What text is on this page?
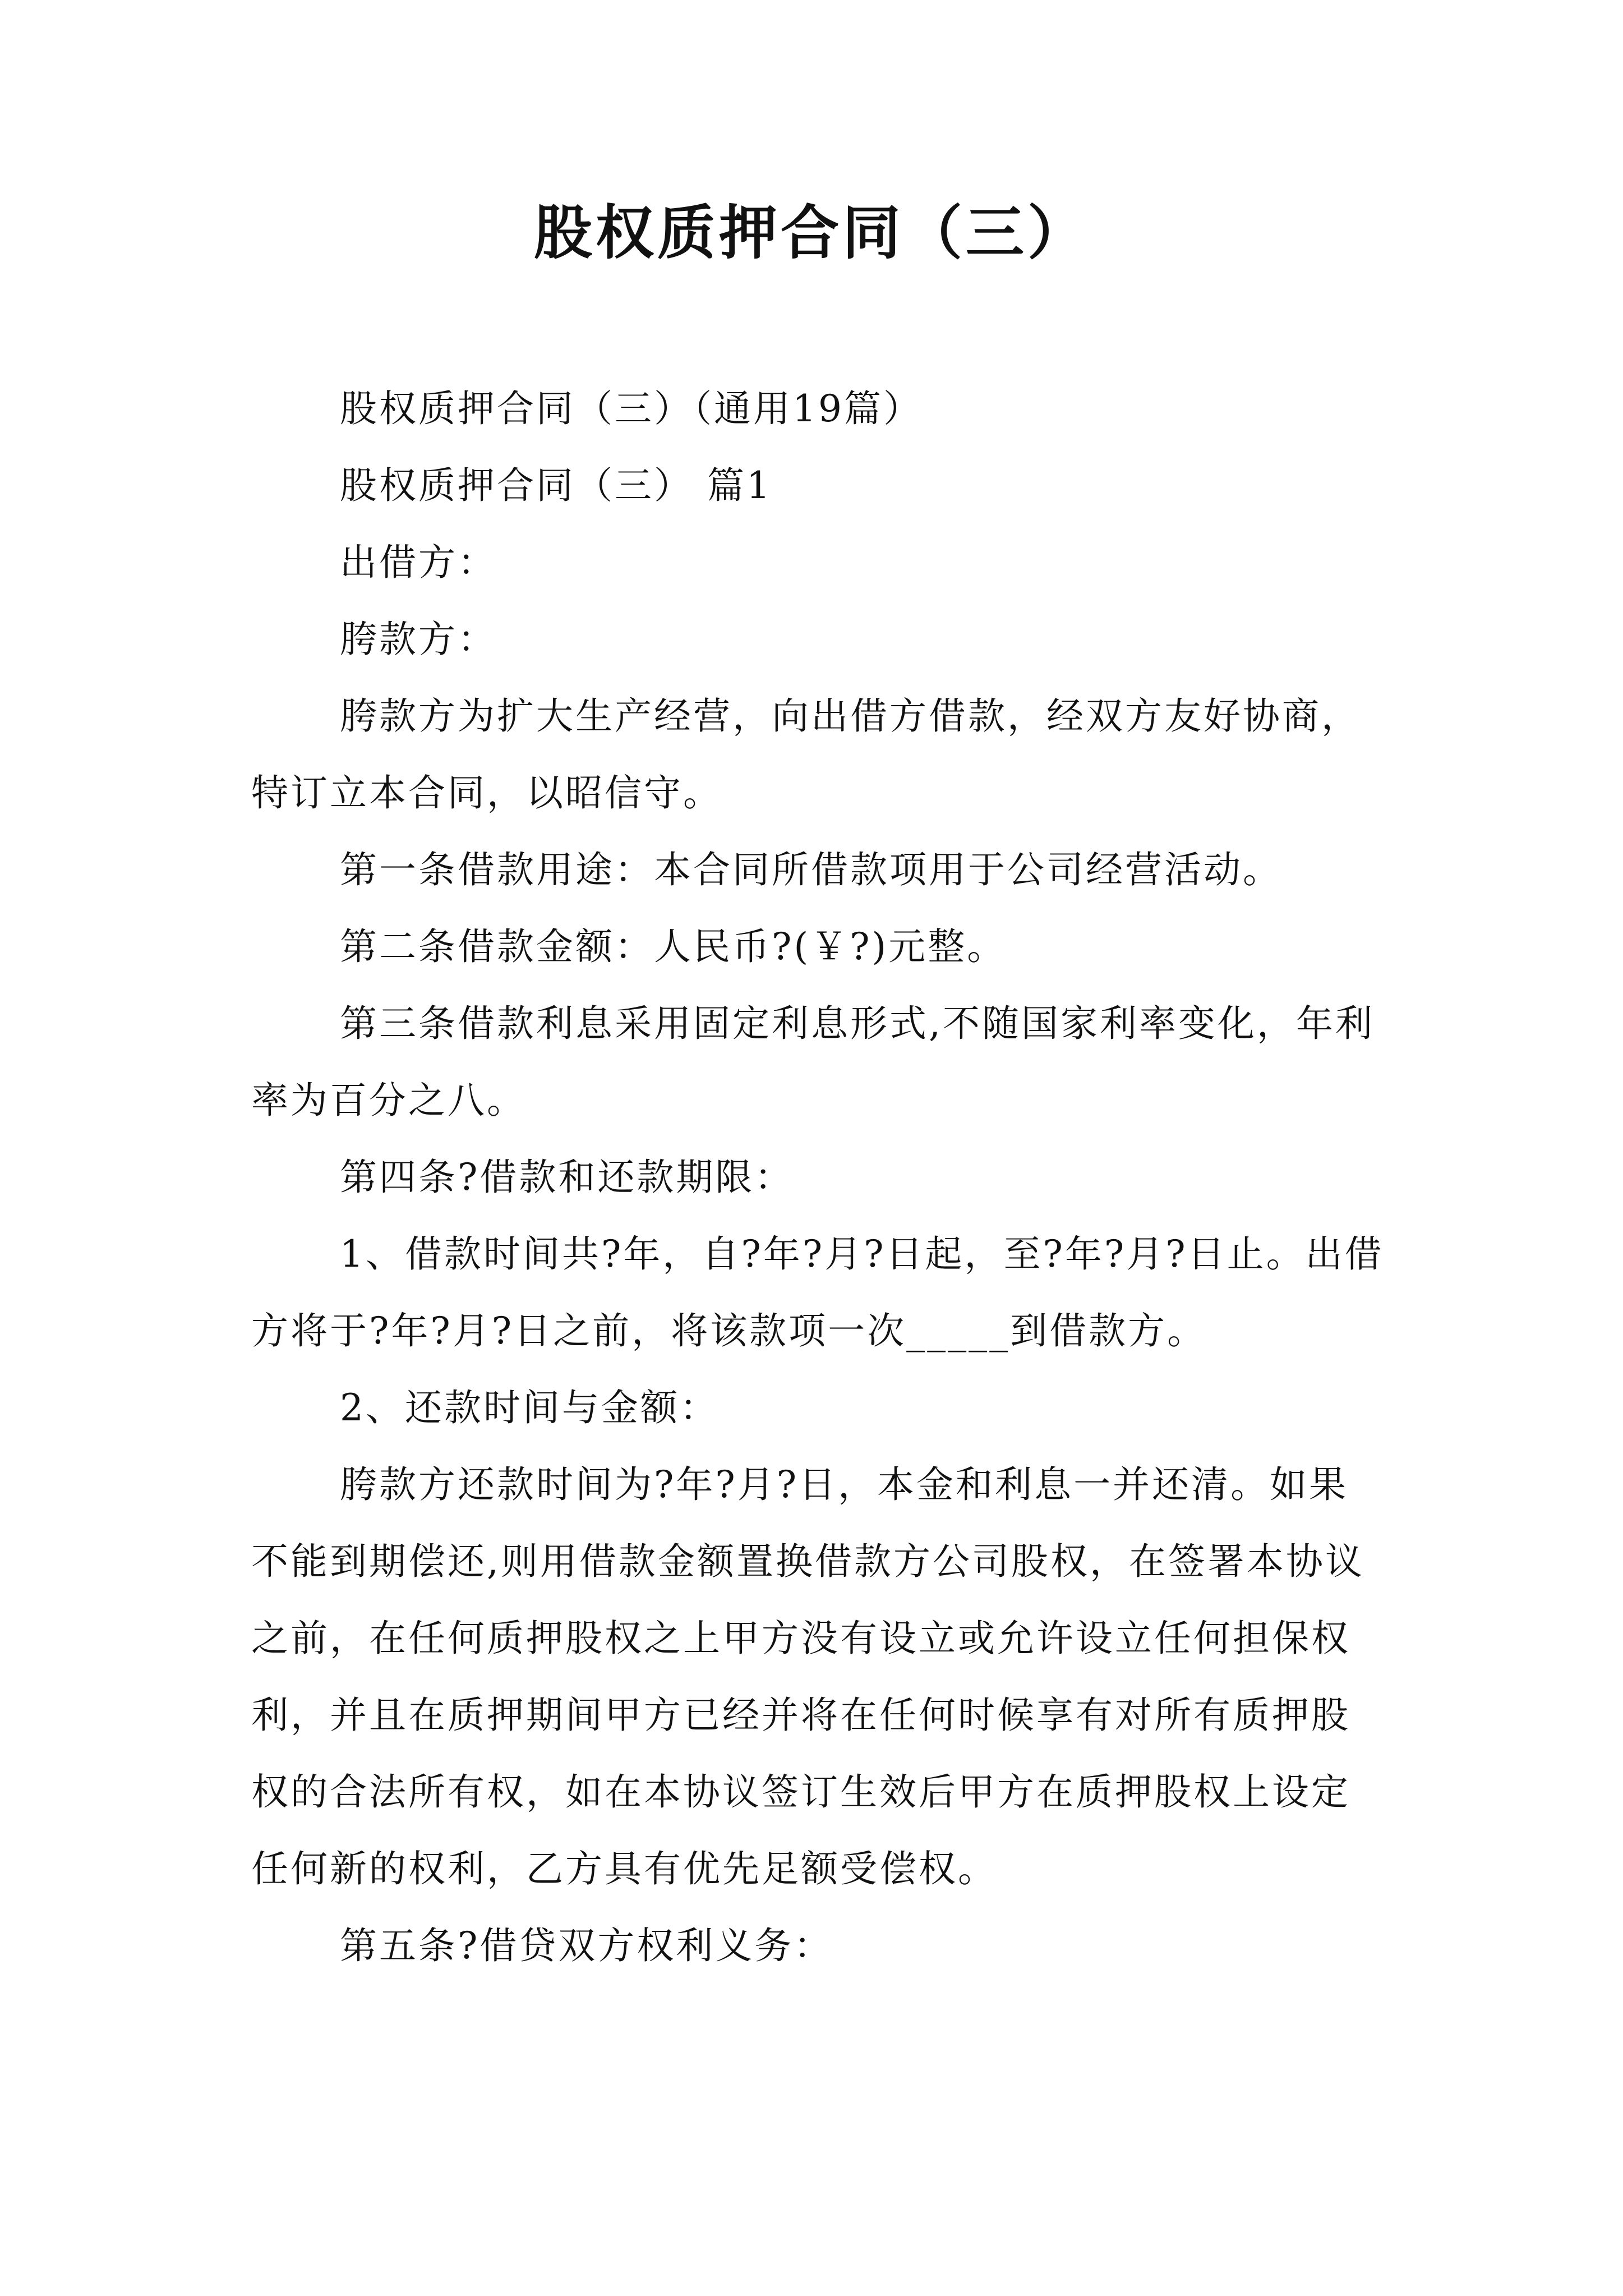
股权质押合同（三）

股权质押合同（三）（通用19篇）

股权质押合同（三） 篇1

出借方：

胯款方：

胯款方为扩大生产经营，向出借方借款，经双方友好协商，特订立本合同，以昭信守。

第一条借款用途：本合同所借款项用于公司经营活动。

第二条借款金额：人民币?(￥?)元整。

第三条借款利息采用固定利息形式,不随国家利率变化，年利率为百分之八。

第四条?借款和还款期限：

1、借款时间共?年，自?年?月?日起，至?年?月?日止。出借方将于?年?月?日之前，将该款项一次_____到借款方。

2、还款时间与金额：

胯款方还款时间为?年?月?日，本金和利息一并还清。如果不能到期偿还,则用借款金额置换借款方公司股权，在签署本协议之前，在任何质押股权之上甲方没有设立或允许设立任何担保权利，并且在质押期间甲方已经并将在任何时候享有对所有质押股权的合法所有权，如在本协议签订生效后甲方在质押股权上设定任何新的权利，乙方具有优先足额受偿权。

第五条?借贷双方权利义务：
